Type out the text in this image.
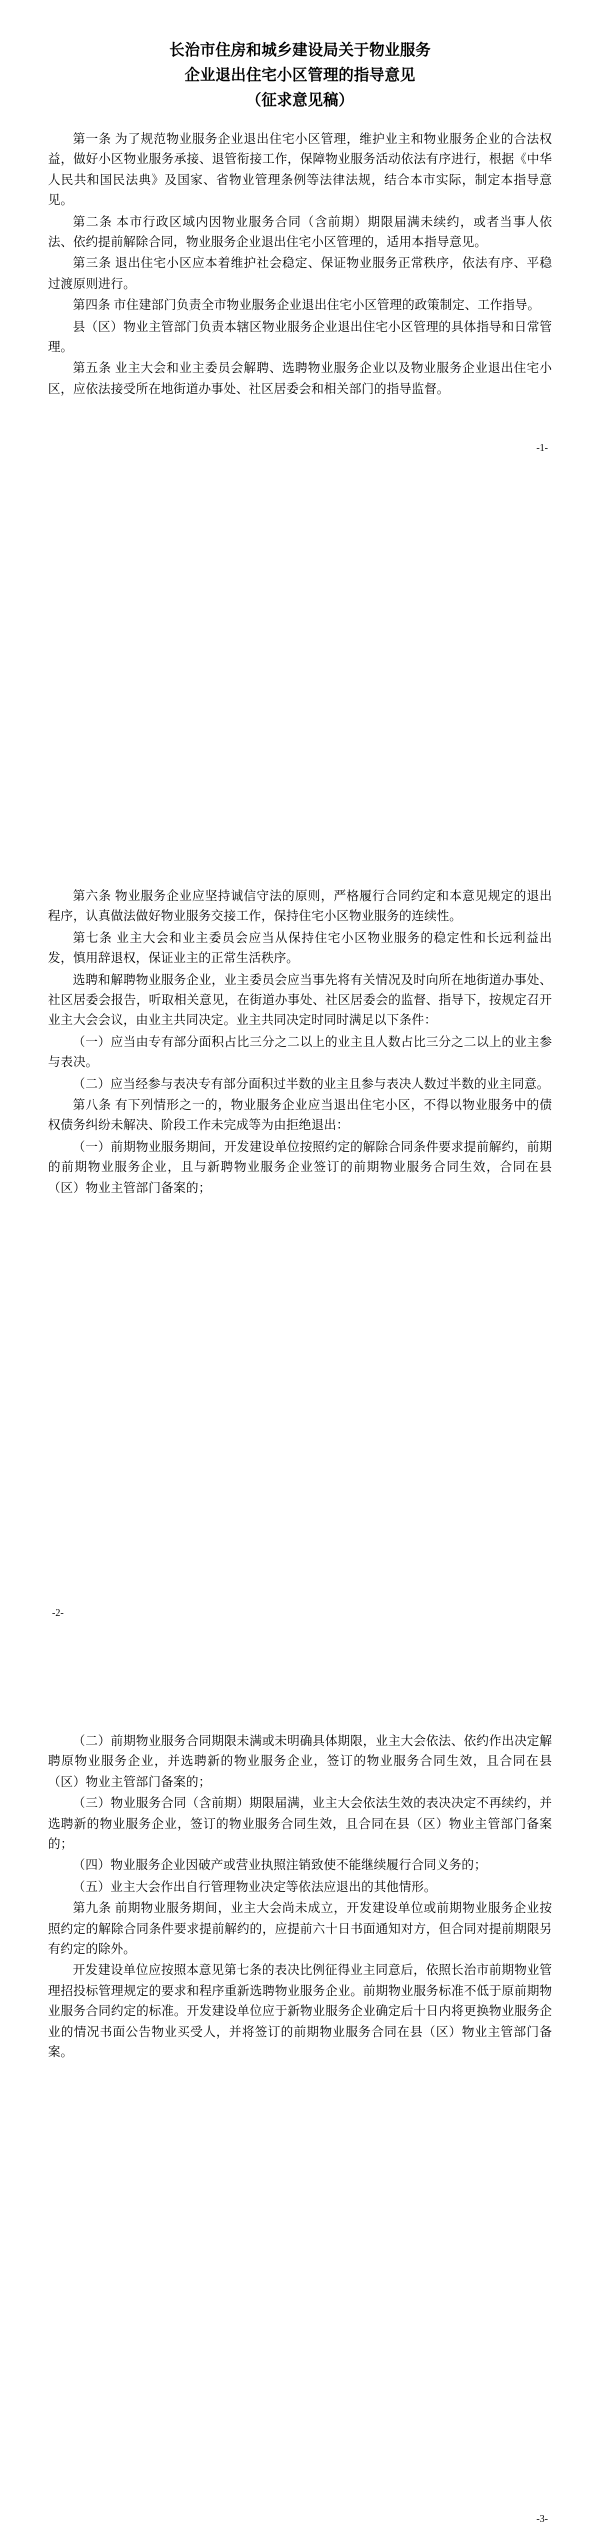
长治市住房和城乡建设局关于物业服务
企业退出住宅小区管理的指导意见
（征求意见稿）

第一条 为了规范物业服务企业退出住宅小区管理，维护业主和物业服务企业的合法权益，做好小区物业服务承接、退管衔接工作，保障物业服务活动依法有序进行，根据《中华人民共和国民法典》及国家、省物业管理条例等法律法规，结合本市实际，制定本指导意见。

第二条 本市行政区域内因物业服务合同（含前期）期限届满未续约，或者当事人依法、依约提前解除合同，物业服务企业退出住宅小区管理的，适用本指导意见。

第三条 退出住宅小区应本着维护社会稳定、保证物业服务正常秩序，依法有序、平稳过渡原则进行。

第四条 市住建部门负责全市物业服务企业退出住宅小区管理的政策制定、工作指导。

县（区）物业主管部门负责本辖区物业服务企业退出住宅小区管理的具体指导和日常管理。

第五条 业主大会和业主委员会解聘、选聘物业服务企业以及物业服务企业退出住宅小区，应依法接受所在地街道办事处、社区居委会和相关部门的指导监督。

-1-

第六条 物业服务企业应坚持诚信守法的原则，严格履行合同约定和本意见规定的退出程序，认真做法做好物业服务交接工作，保持住宅小区物业服务的连续性。

第七条 业主大会和业主委员会应当从保持住宅小区物业服务的稳定性和长远利益出发，慎用辞退权，保证业主的正常生活秩序。

选聘和解聘物业服务企业，业主委员会应当事先将有关情况及时向所在地街道办事处、社区居委会报告，听取相关意见，在街道办事处、社区居委会的监督、指导下，按规定召开业主大会会议，由业主共同决定。业主共同决定时同时满足以下条件：

（一）应当由专有部分面积占比三分之二以上的业主且人数占比三分之二以上的业主参与表决。

（二）应当经参与表决专有部分面积过半数的业主且参与表决人数过半数的业主同意。

第八条 有下列情形之一的，物业服务企业应当退出住宅小区，不得以物业服务中的债权债务纠纷未解决、阶段工作未完成等为由拒绝退出：

（一）前期物业服务期间，开发建设单位按照约定的解除合同条件要求提前解约，前期的前期物业服务企业，且与新聘物业服务企业签订的前期物业服务合同生效，合同在县（区）物业主管部门备案的；

-2-

（二）前期物业服务合同期限未满或未明确具体期限，业主大会依法、依约作出决定解聘原物业服务企业，并选聘新的物业服务企业，签订的物业服务合同生效，且合同在县（区）物业主管部门备案的；

（三）物业服务合同（含前期）期限届满，业主大会依法生效的表决决定不再续约，并选聘新的物业服务企业，签订的物业服务合同生效，且合同在县（区）物业主管部门备案的；

（四）物业服务企业因破产或营业执照注销致使不能继续履行合同义务的；

（五）业主大会作出自行管理物业决定等依法应退出的其他情形。

第九条 前期物业服务期间，业主大会尚未成立，开发建设单位或前期物业服务企业按照约定的解除合同条件要求提前解约的，应提前六十日书面通知对方，但合同对提前期限另有约定的除外。

开发建设单位应按照本意见第七条的表决比例征得业主同意后，依照长治市前期物业管理招投标管理规定的要求和程序重新选聘物业服务企业。前期物业服务标准不低于原前期物业服务合同约定的标准。开发建设单位应于新物业服务企业确定后十日内将更换物业服务企业的情况书面公告物业买受人，并将签订的前期物业服务合同在县（区）物业主管部门备案。

-3-
